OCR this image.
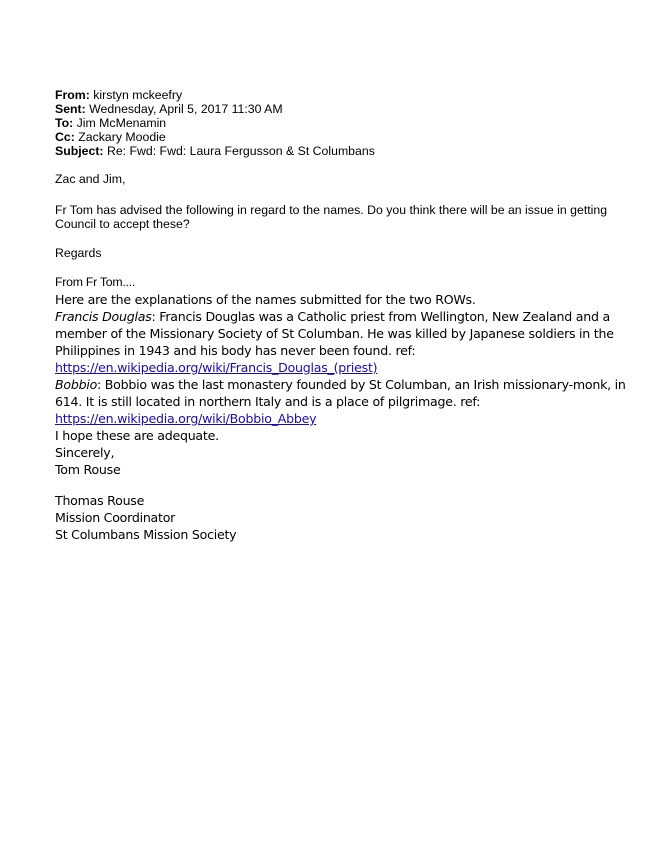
From: kirstyn mckeefry
Sent: Wednesday, April 5, 2017 11:30 AM
To: Jim McMenamin
Cc: Zackary Moodie
Subject: Re: Fwd: Fwd: Laura Fergusson & St Columbans
Zac and Jim,
Fr Tom has advised the following in regard to the names. Do you think there will be an issue in getting
Council to accept these?
Regards
From Fr Tom....
Here are the explanations of the names submitted for the two ROWs.
Francis Douglas: Francis Douglas was a Catholic priest from Wellington, New Zealand and a
member of the Missionary Society of St Columban. He was killed by Japanese soldiers in the
Philippines in 1943 and his body has never been found. ref:
https://en.wikipedia.org/wiki/Francis_Douglas_(priest)
Bobbio: Bobbio was the last monastery founded by St Columban, an Irish missionary-monk, in
614. It is still located in northern Italy and is a place of pilgrimage. ref:
https://en.wikipedia.org/wiki/Bobbio_Abbey
I hope these are adequate.
Sincerely,
Tom Rouse
Thomas Rouse
Mission Coordinator
St Columbans Mission Society
